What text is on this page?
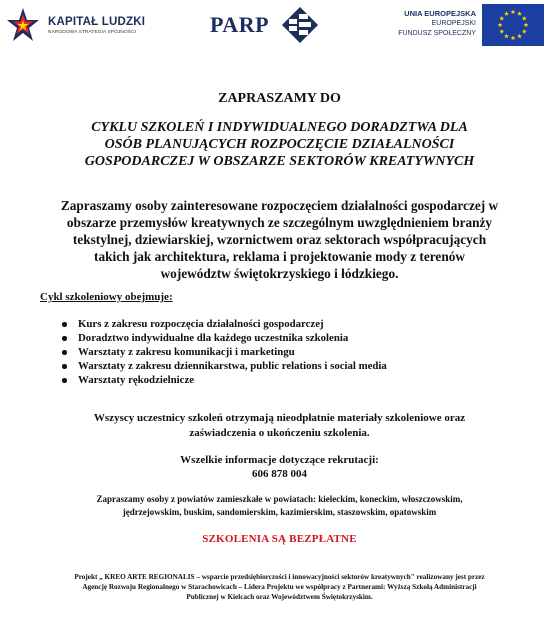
KAPITAŁ LUDZKI
NARODOWA STRATEGIA SPÓJNOŚCI	PARP	UNIA EUROPEJSKA
EUROPEJSKI
FUNDUSZ SPOŁECZNY
ZAPRASZAMY DO
CYKLU SZKOLEŃ I INDYWIDUALNEGO DORADZTWA DLA
OSÓB PLANUJĄCYCH ROZPOCZĘCIE DZIAŁALNOŚCI
GOSPODARCZEJ W OBSZARZE SEKTORÓW KREATYWNYCH
Zapraszamy osoby zainteresowane rozpoczęciem działalności gospodarczej w
obszarze przemysłów kreatywnych ze szczególnym uwzględnieniem branży
tekstylnej, dziewiarskiej, wzornictwem oraz sektorach współpracujących
takich jak architektura, reklama i projektowanie mody z terenów
województw świętokrzyskiego i łódzkiego.
Cykl szkoleniowy obejmuje:
Kurs z zakresu rozpoczęcia działalności gospodarczej
Doradztwo indywidualne dla każdego uczestnika szkolenia
Warsztaty z zakresu komunikacji i marketingu
Warsztaty z zakresu dziennikarstwa, public relations i social media
Warsztaty rękodzielnicze
Wszyscy uczestnicy szkoleń otrzymają nieodpłatnie materiały szkoleniowe oraz
zaświadczenia o ukończeniu szkolenia.
Wszelkie informacje dotyczące rekrutacji:
606 878 004
Zapraszamy osoby z powiatów zamieszkałe w powiatach: kieleckim, koneckim, włoszczowskim,
jędrzejowskim, buskim, sandomierskim, kazimierskim, staszowskim, opatowskim
SZKOLENIA SĄ BEZPŁATNE
Projekt „ KREO ARTE REGIONALIS – wsparcie przedsiębiorczości i innowacyjności sektorów kreatywnych" realizowany jest przez
Agencję Rozwoju Regionalnego w Starachowicach – Lidera Projektu we współpracy z Partnerami: Wyższą Szkołą Administracji
Publicznej w Kielcach oraz Województwem Świętokrzyskim.
